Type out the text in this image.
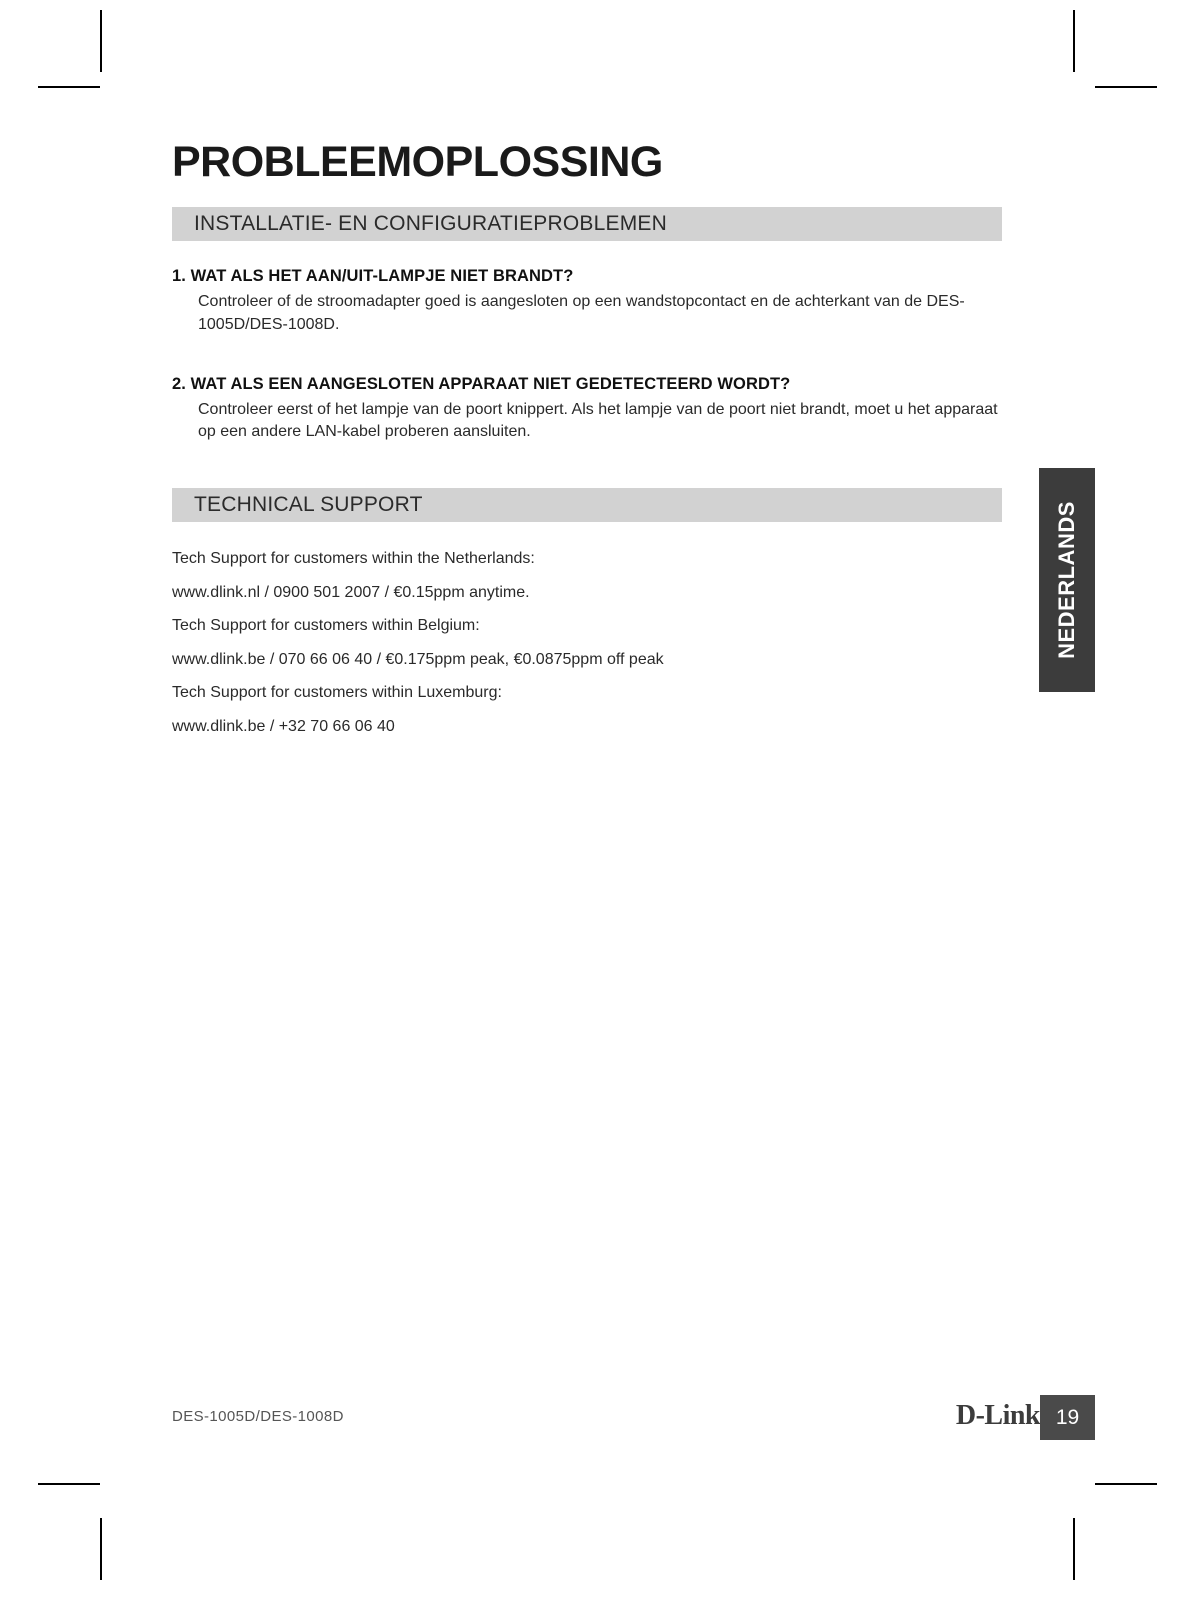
PROBLEEMOPLOSSING
INSTALLATIE- EN CONFIGURATIEPROBLEMEN

1. WAT ALS HET AAN/UIT-LAMPJE NIET BRANDT?

Controleer of de stroomadapter goed is aangesloten op een wandstopcontact en de achterkant van de DES-1005D/DES-1008D.

2. WAT ALS EEN AANGESLOTEN APPARAAT NIET GEDETECTEERD WORDT?

Controleer eerst of het lampje van de poort knippert. Als het lampje van de poort niet brandt, moet u het apparaat op een andere LAN-kabel proberen aansluiten.

TECHNICAL SUPPORT

Tech Support for customers within the Netherlands:

www.dlink.nl / 0900 501 2007 / €0.15ppm anytime.

Tech Support for customers within Belgium:

www.dlink.be / 070 66 06 40 / €0.175ppm peak, €0.0875ppm off peak

Tech Support for customers within Luxemburg:

www.dlink.be / +32 70 66 06 40

NEDERLANDS
DES-1005D/DES-1008D	D-Link 19
